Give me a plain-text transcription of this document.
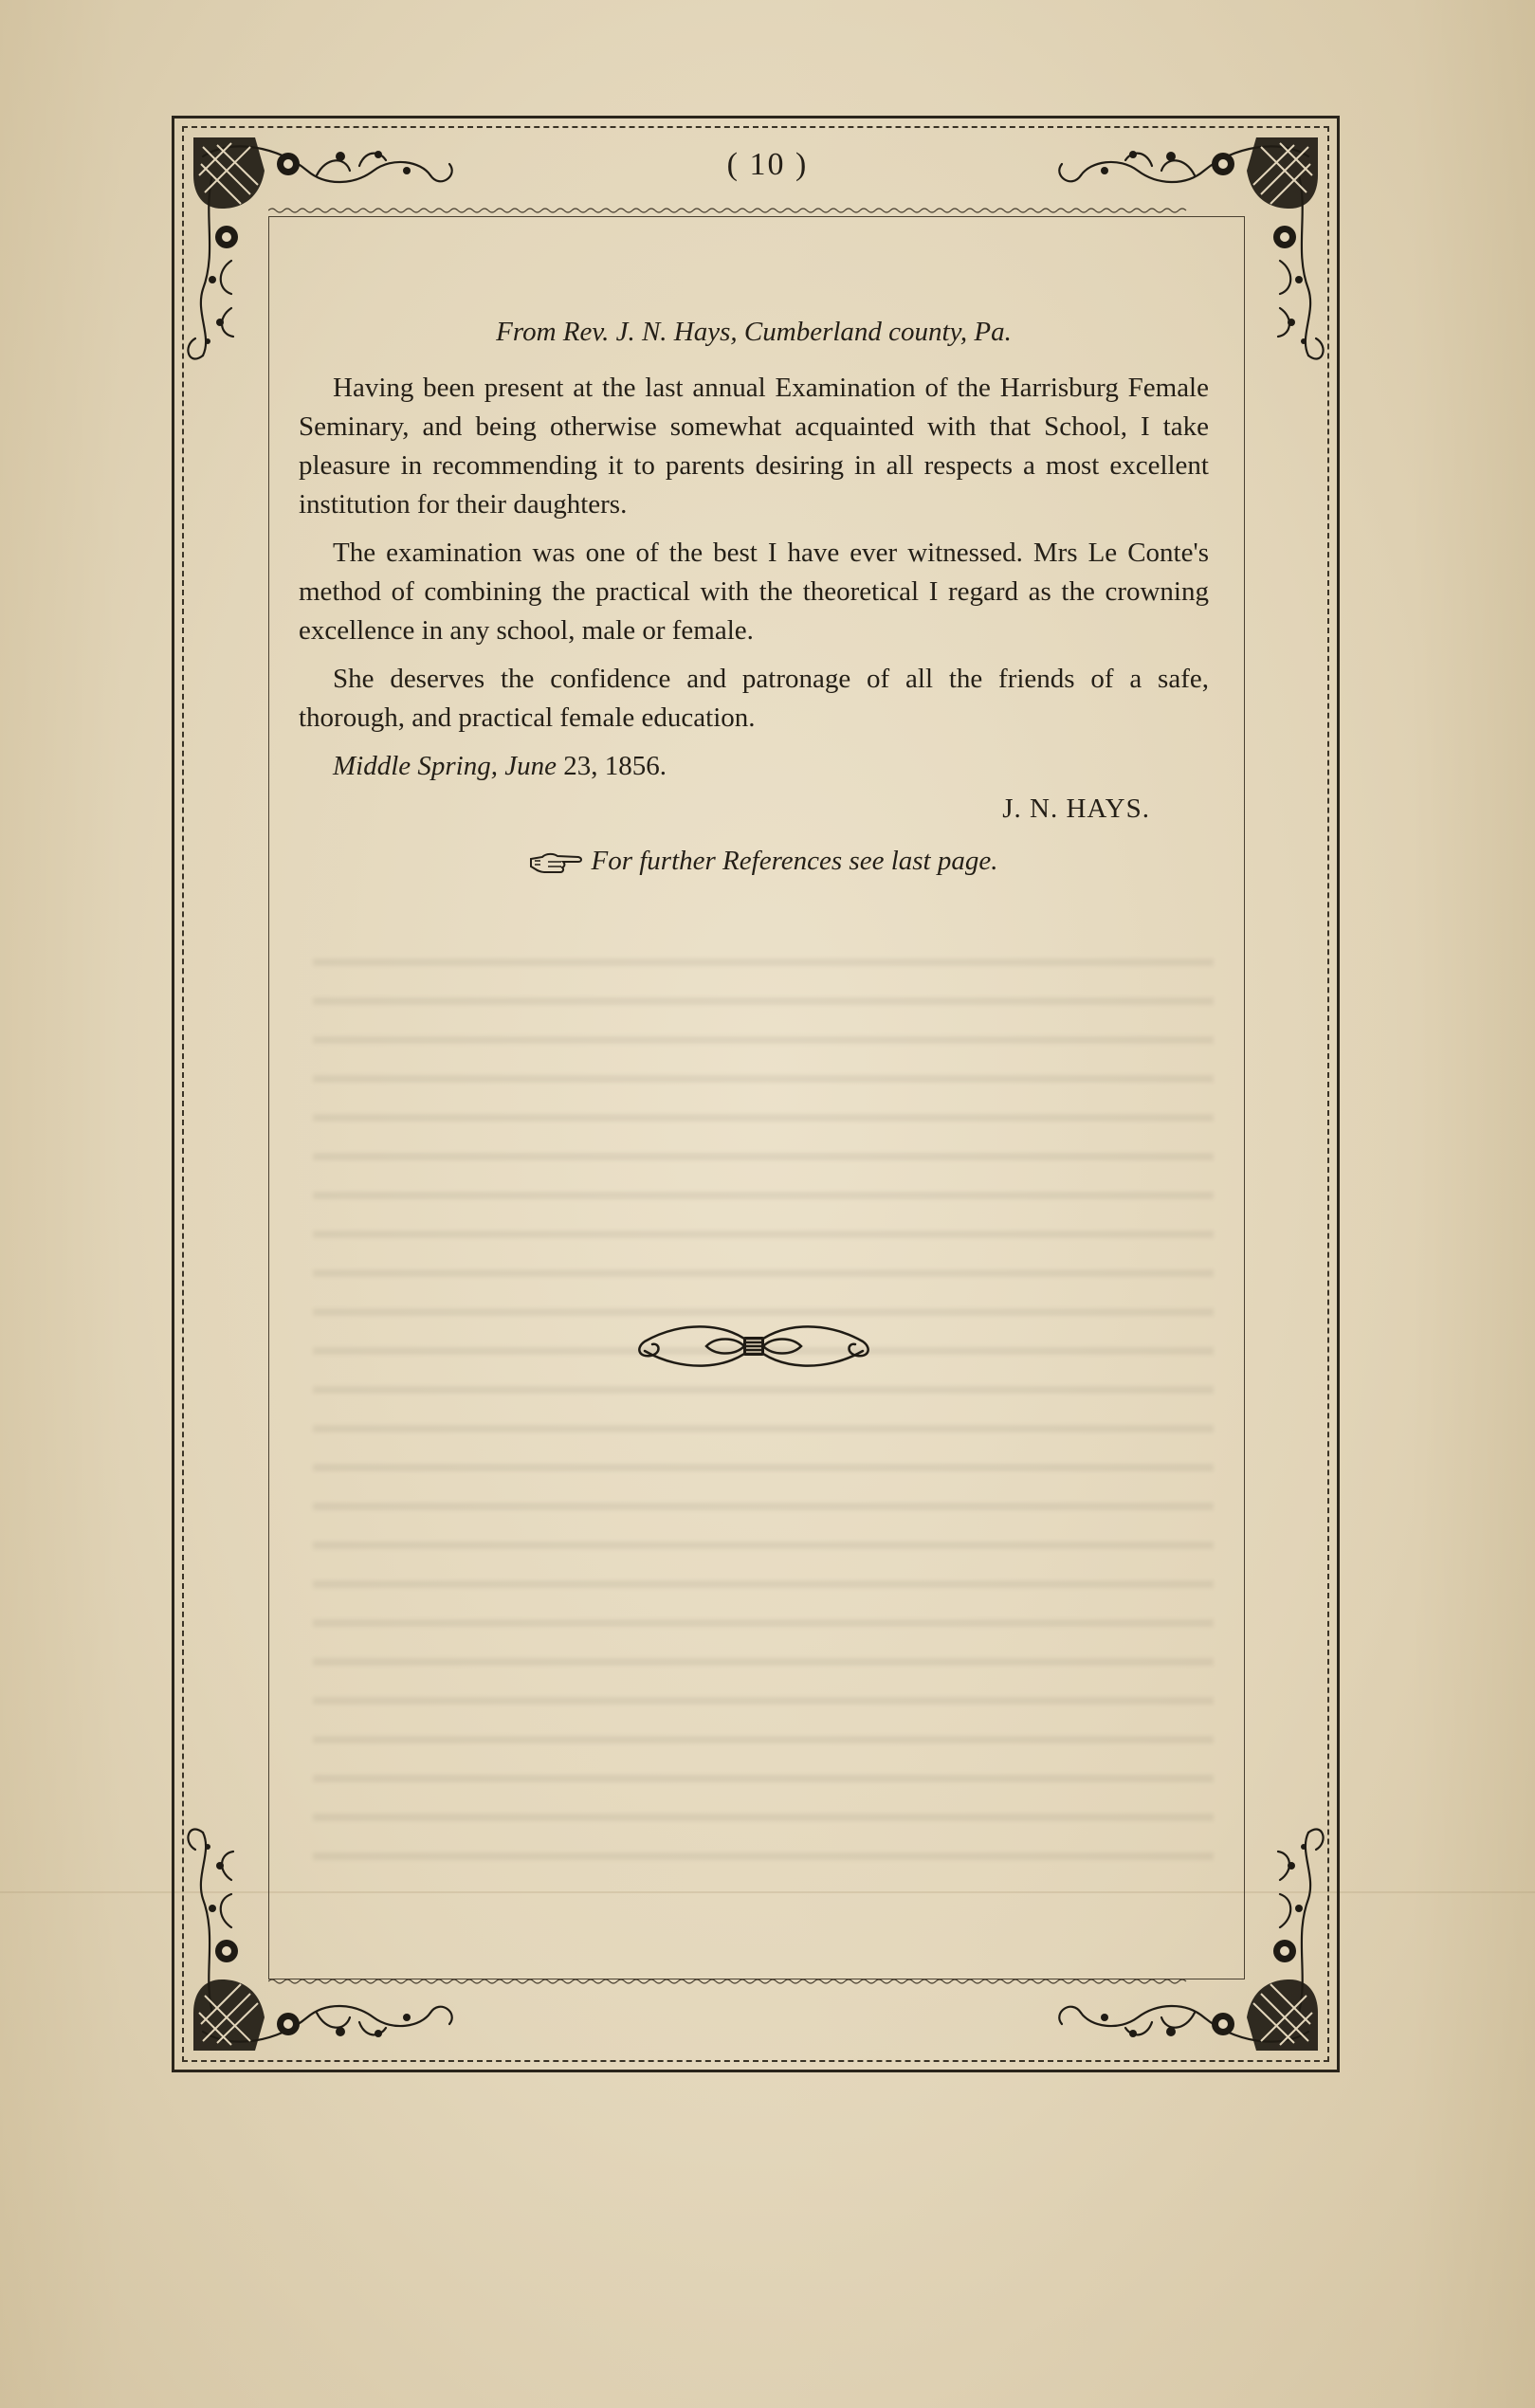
( 10 )
From Rev. J. N. Hays, Cumberland county, Pa.

Having been present at the last annual Examination of the Harrisburg Female Seminary, and being otherwise somewhat acquainted with that School, I take pleasure in recommending it to parents desiring in all respects a most excellent institution for their daughters.

The examination was one of the best I have ever witnessed. Mrs Le Conte's method of combining the practical with the theoretical I regard as the crowning excellence in any school, male or female.

She deserves the confidence and patronage of all the friends of a safe, thorough, and practical female education.

Middle Spring, June 23, 1856.
J. N. HAYS.
For further References see last page.
